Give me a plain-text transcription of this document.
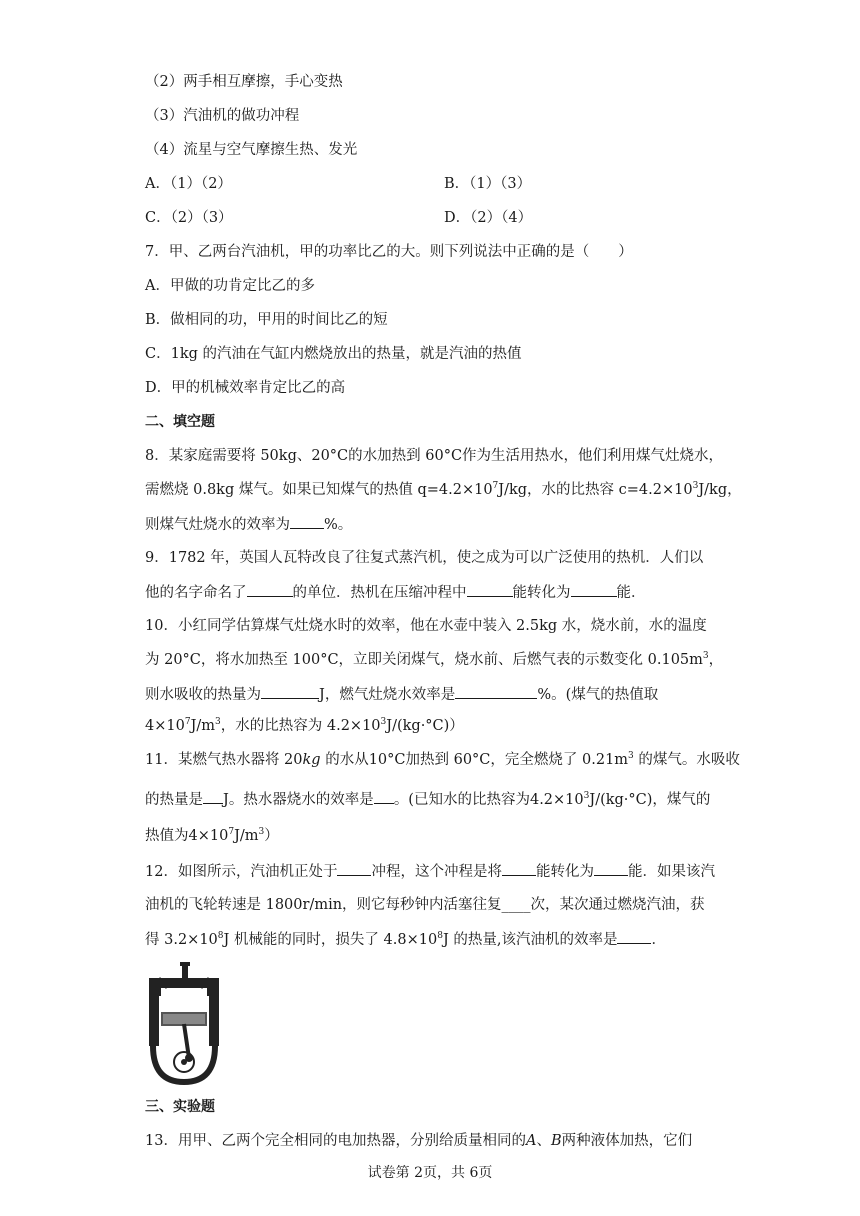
（2）两手相互摩擦，手心变热
（3）汽油机的做功冲程
（4）流星与空气摩擦生热、发光
A．（1）（2）	B．（1）（3）
C．（2）（3）	D．（2）（4）
7．甲、乙两台汽油机，甲的功率比乙的大。则下列说法中正确的是（　　）
A．甲做的功肯定比乙的多
B．做相同的功，甲用的时间比乙的短
C．1kg 的汽油在气缸内燃烧放出的热量，就是汽油的热值
D．甲的机械效率肯定比乙的高
二、填空题
8．某家庭需要将 50kg、20°C的水加热到 60°C作为生活用热水，他们利用煤气灶烧水，
需燃烧 0.8kg 煤气。如果已知煤气的热值 $q=4.2\times 10^7J/kg$，水的比热容 $c=4.2\times 10^3J/kg$，
则煤气灶烧水的效率为 %。
9．1782 年，英国人瓦特改良了往复式蒸汽机，使之成为可以广泛使用的热机．人们以
他的名字命名了	的单位．热机在压缩冲程中	能转化为	能．
10．小红同学估算煤气灶烧水时的效率，他在水壶中装入 2.5kg 水，烧水前，水的温度
为 20°C，将水加热至 100°C，立即关闭煤气，烧水前、后燃气表的示数变化 $0.105m^3$，
则水吸收的热量为	J，燃气灶烧水效率是	%。(煤气的热值取
$4\times 10^7J/m^3$，水的比热容为 $4.2\times 10^3J/(kg\cdot^\circ C)$）
11．某燃气热水器将 20kg 的水从10°C加热到 60°C，完全燃烧了 $0.21m^3$ 的煤气。水吸收
的热量是 J。热水器烧水的效率是 。(已知水的比热容为$4.2\times 10^3J/(kg\cdot^\circ C)$，煤气的
热值为$4\times 10^7J/m^3$）
12．如图所示，汽油机正处于 冲程，这个冲程是将 能转化为 能．如果该汽
油机的飞轮转速是 1800r/min，则它每秒钟内活塞往复____次，某次通过燃烧汽油，获
得 $3.2\times 10^8J$ 机械能的同时，损失了 $4.8\times 10^8J$ 的热量,该汽油机的效率是 ．
三、实验题
13．用甲、乙两个完全相同的电加热器，分别给质量相同的A、B两种液体加热，它们
试卷第 2页，共 6页
